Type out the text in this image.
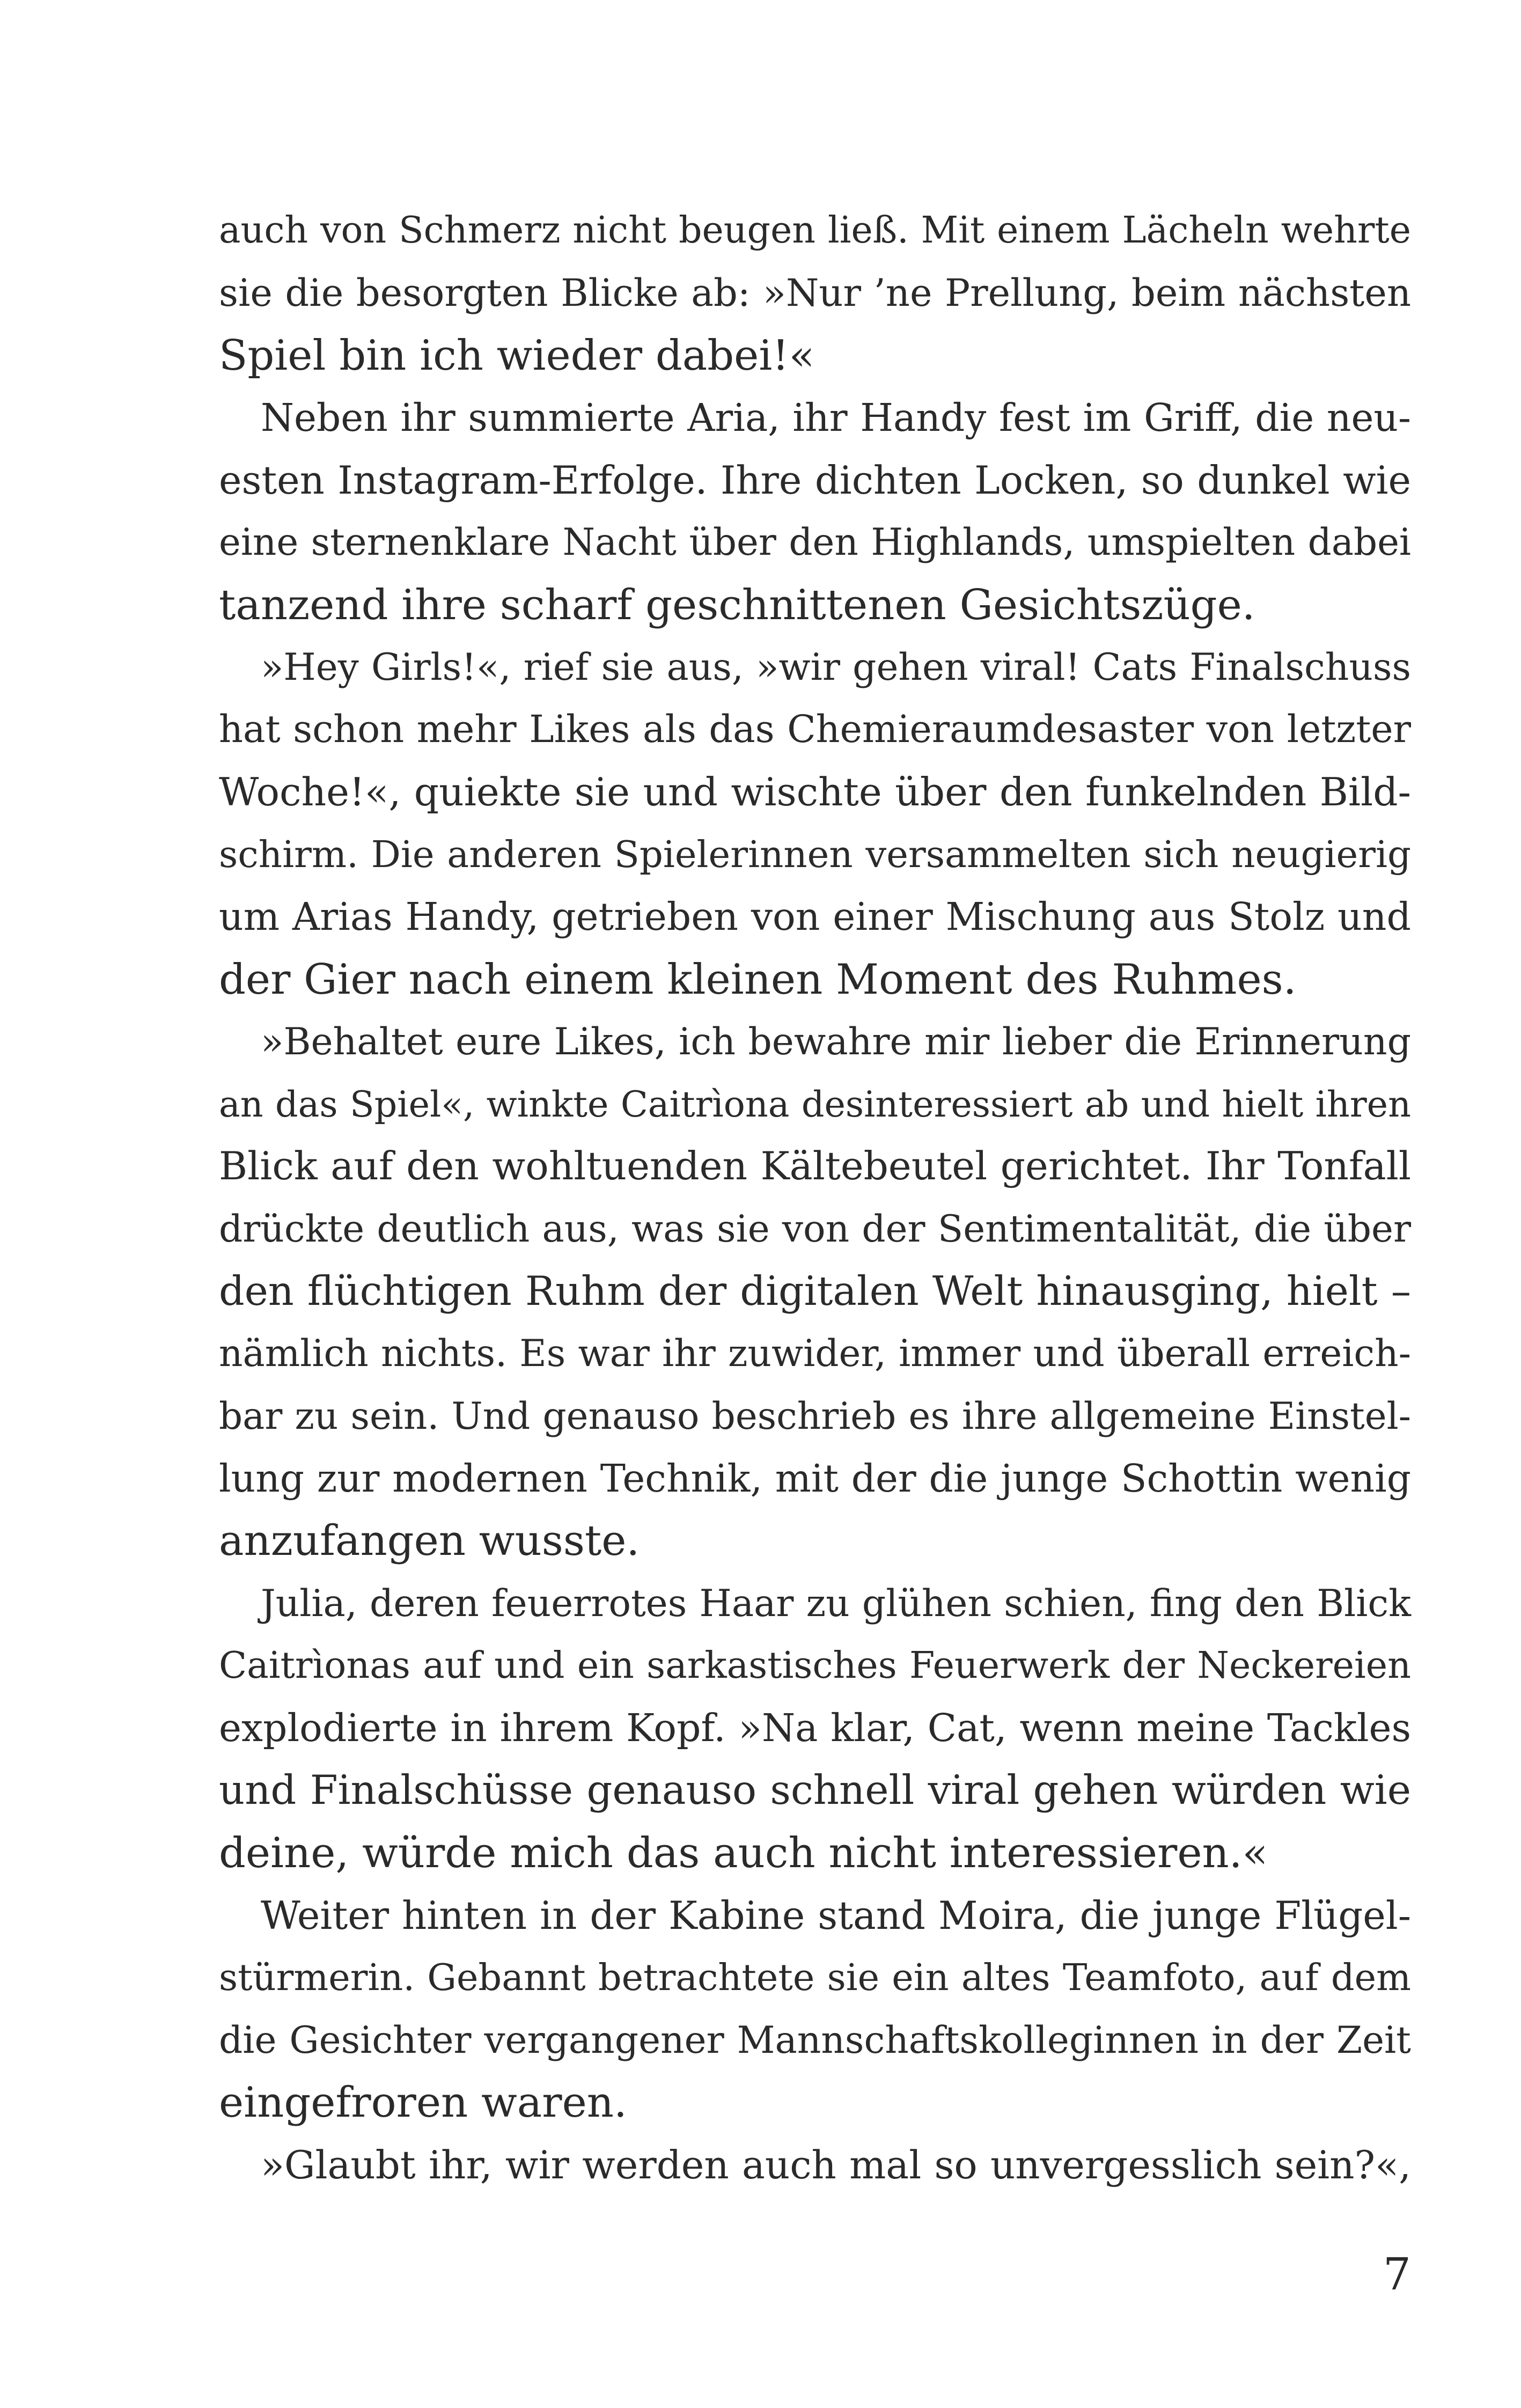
auch von Schmerz nicht beugen ließ. Mit einem Lächeln wehrte
sie die besorgten Blicke ab: »Nur ’ne Prellung, beim nächsten
Spiel bin ich wieder dabei!«
Neben ihr summierte Aria, ihr Handy fest im Griff, die neu-
esten Instagram-Erfolge. Ihre dichten Locken, so dunkel wie
eine sternenklare Nacht über den Highlands, umspielten dabei
tanzend ihre scharf geschnittenen Gesichtszüge.
»Hey Girls!«, rief sie aus, »wir gehen viral! Cats Finalschuss
hat schon mehr Likes als das Chemieraumdesaster von letzter
Woche!«, quiekte sie und wischte über den funkelnden Bild-
schirm. Die anderen Spielerinnen versammelten sich neugierig
um Arias Handy, getrieben von einer Mischung aus Stolz und
der Gier nach einem kleinen Moment des Ruhmes.
»Behaltet eure Likes, ich bewahre mir lieber die Erinnerung
an das Spiel«, winkte Caitrìona desinteressiert ab und hielt ihren
Blick auf den wohltuenden Kältebeutel gerichtet. Ihr Tonfall
drückte deutlich aus, was sie von der Sentimentalität, die über
den flüchtigen Ruhm der digitalen Welt hinausging, hielt –
nämlich nichts. Es war ihr zuwider, immer und überall erreich-
bar zu sein. Und genauso beschrieb es ihre allgemeine Einstel-
lung zur modernen Technik, mit der die junge Schottin wenig
anzufangen wusste.
Julia, deren feuerrotes Haar zu glühen schien, fing den Blick
Caitrìonas auf und ein sarkastisches Feuerwerk der Neckereien
explodierte in ihrem Kopf. »Na klar, Cat, wenn meine Tackles
und Finalschüsse genauso schnell viral gehen würden wie
deine, würde mich das auch nicht interessieren.«
Weiter hinten in der Kabine stand Moira, die junge Flügel-
stürmerin. Gebannt betrachtete sie ein altes Teamfoto, auf dem
die Gesichter vergangener Mannschaftskolleginnen in der Zeit
eingefroren waren.
»Glaubt ihr, wir werden auch mal so unvergesslich sein?«,
7
